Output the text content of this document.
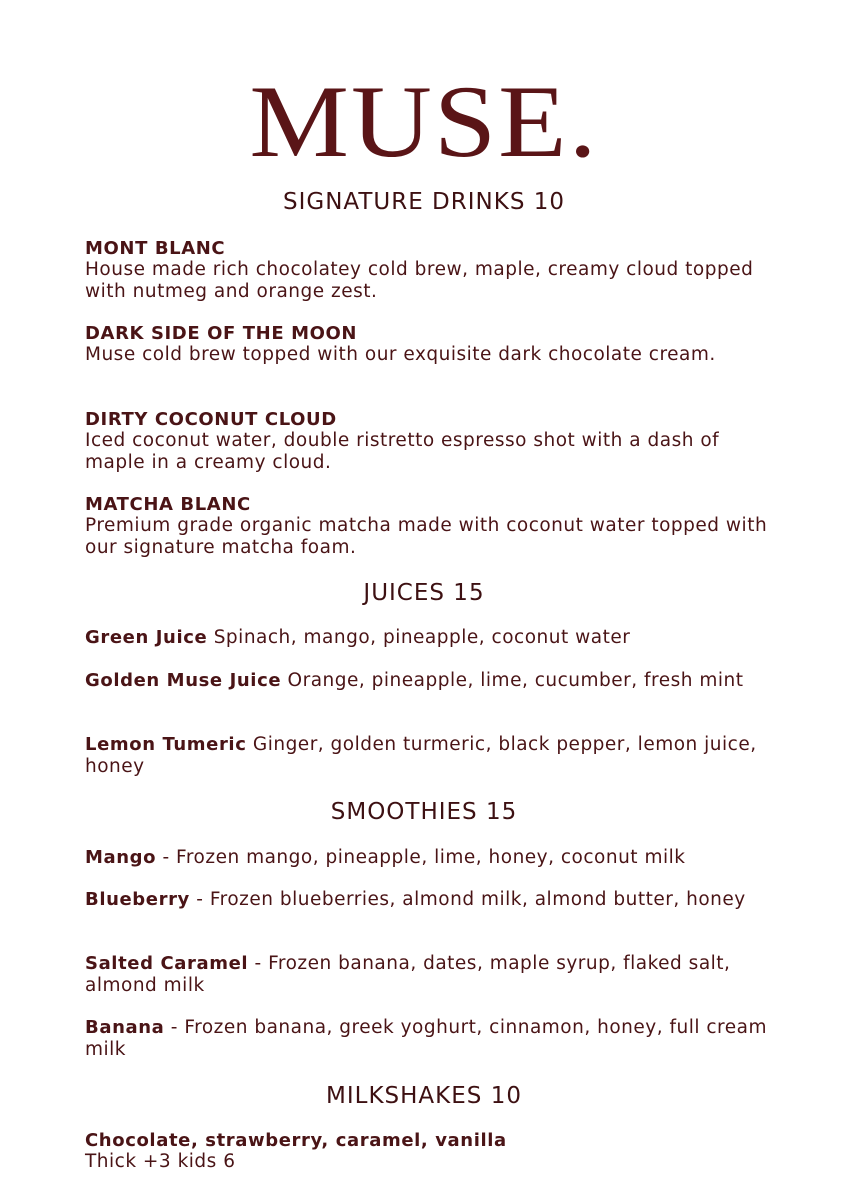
MUSE.
SIGNATURE DRINKS 10
MONT BLANC
House made rich chocolatey cold brew, maple, creamy cloud topped with nutmeg and orange zest.
DARK SIDE OF THE MOON
Muse cold brew topped with our exquisite dark chocolate cream.
DIRTY COCONUT CLOUD
Iced coconut water, double ristretto espresso shot with a dash of maple in a creamy cloud.
MATCHA BLANC
Premium grade organic matcha made with coconut water topped with our signature matcha foam.
JUICES 15
Green Juice Spinach, mango, pineapple, coconut water
Golden Muse Juice Orange, pineapple, lime, cucumber, fresh mint
Lemon Tumeric Ginger, golden turmeric, black pepper, lemon juice, honey
SMOOTHIES 15
Mango - Frozen mango, pineapple, lime, honey, coconut milk
Blueberry - Frozen blueberries, almond milk, almond butter, honey
Salted Caramel - Frozen banana, dates, maple syrup, flaked salt, almond milk
Banana - Frozen banana, greek yoghurt, cinnamon, honey, full cream milk
MILKSHAKES 10
Chocolate, strawberry, caramel, vanilla
Thick +3 kids 6
